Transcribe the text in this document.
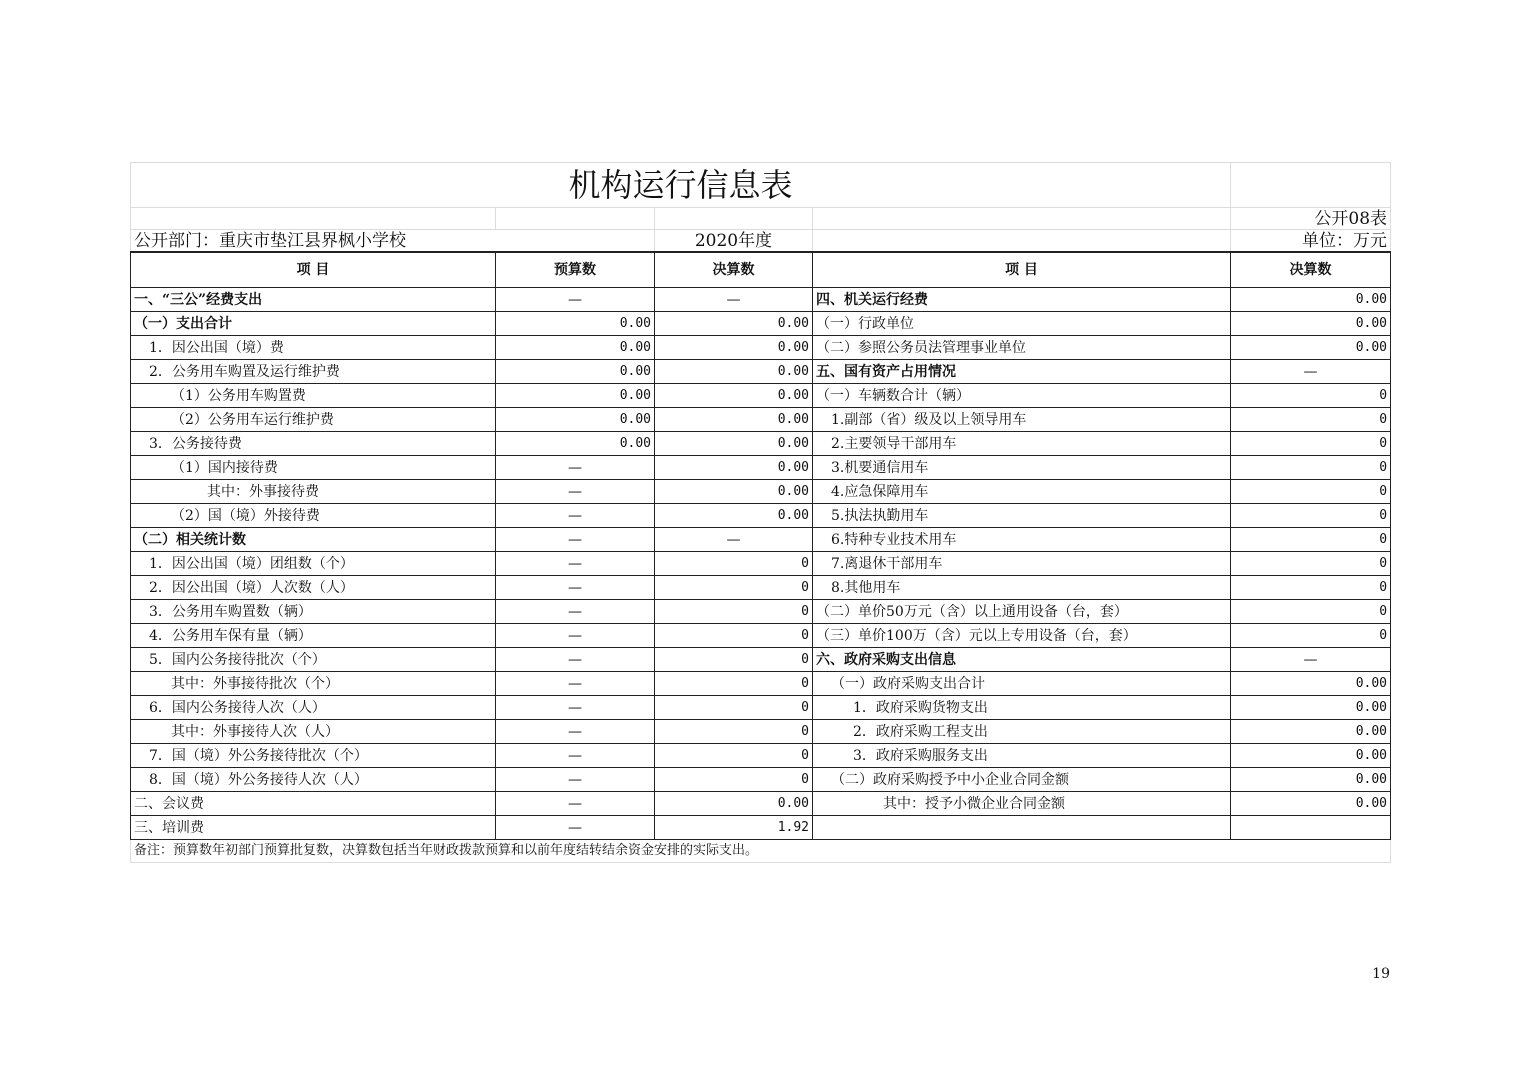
机构运行信息表				
				公开08表
公开部门：重庆市垫江县界枫小学校		2020年度		单位：万元
项 目	预算数	决算数	项 目	决算数
一、“三公”经费支出	—	—	四、机关运行经费	0.00
（一）支出合计	0.00	0.00	（一）行政单位	0.00
1．因公出国（境）费	0.00	0.00	（二）参照公务员法管理事业单位	0.00
2．公务用车购置及运行维护费	0.00	0.00	五、国有资产占用情况	—
（1）公务用车购置费	0.00	0.00	（一）车辆数合计（辆）	0
（2）公务用车运行维护费	0.00	0.00	1.副部（省）级及以上领导用车	0
3．公务接待费	0.00	0.00	2.主要领导干部用车	0
（1）国内接待费	—	0.00	3.机要通信用车	0
其中：外事接待费	—	0.00	4.应急保障用车	0
（2）国（境）外接待费	—	0.00	5.执法执勤用车	0
（二）相关统计数	—	—	6.特种专业技术用车	0
1．因公出国（境）团组数（个）	—	0	7.离退休干部用车	0
2．因公出国（境）人次数（人）	—	0	8.其他用车	0
3．公务用车购置数（辆）	—	0	（二）单价50万元（含）以上通用设备（台，套）	0
4．公务用车保有量（辆）	—	0	（三）单价100万（含）元以上专用设备（台，套）	0
5．国内公务接待批次（个）	—	0	六、政府采购支出信息	—
其中：外事接待批次（个）	—	0	（一）政府采购支出合计	0.00
6．国内公务接待人次（人）	—	0	1．政府采购货物支出	0.00
其中：外事接待人次（人）	—	0	2．政府采购工程支出	0.00
7．国（境）外公务接待批次（个）	—	0	3．政府采购服务支出	0.00
8．国（境）外公务接待人次（人）	—	0	（二）政府采购授予中小企业合同金额	0.00
二、会议费	—	0.00	其中：授予小微企业合同金额	0.00
三、培训费	—	1.92		
备注：预算数年初部门预算批复数，决算数包括当年财政拨款预算和以前年度结转结余资金安排的实际支出。				
19
